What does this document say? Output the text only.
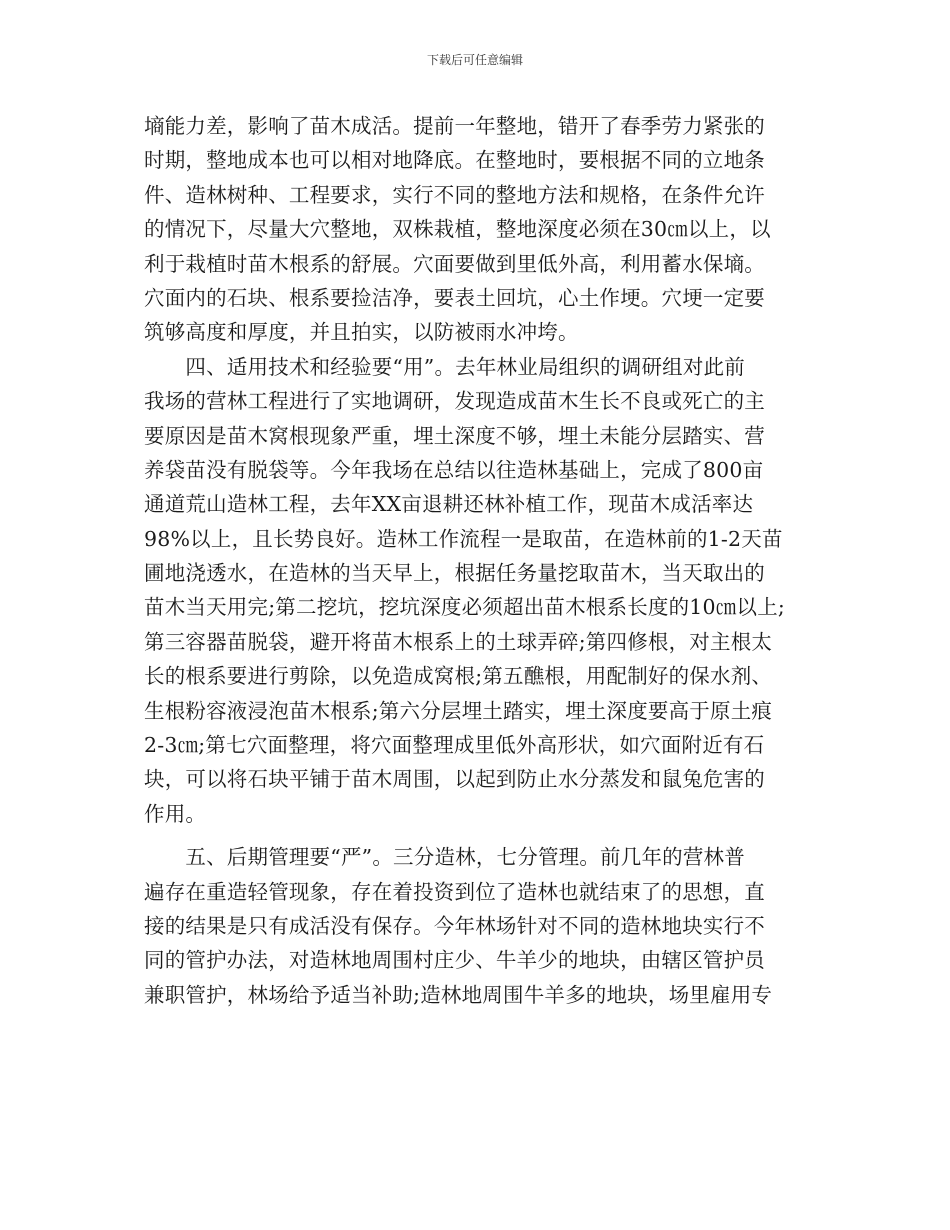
下载后可任意编辑
墒能力差，影响了苗木成活。提前一年整地，错开了春季劳力紧张的
时期，整地成本也可以相对地降底。在整地时，要根据不同的立地条
件、造林树种、工程要求，实行不同的整地方法和规格，在条件允许
的情况下，尽量大穴整地，双株栽植，整地深度必须在30㎝以上，以
利于栽植时苗木根系的舒展。穴面要做到里低外高，利用蓄水保墒。
穴面内的石块、根系要捡洁净，要表土回坑，心土作埂。穴埂一定要
筑够高度和厚度，并且拍实，以防被雨水冲垮。
　　四、适用技术和经验要“用”。去年林业局组织的调研组对此前
我场的营林工程进行了实地调研，发现造成苗木生长不良或死亡的主
要原因是苗木窝根现象严重，埋土深度不够，埋土未能分层踏实、营
养袋苗没有脱袋等。今年我场在总结以往造林基础上，完成了800亩
通道荒山造林工程，去年XX亩退耕还林补植工作，现苗木成活率达
98%以上，且长势良好。造林工作流程一是取苗，在造林前的1-2天苗
圃地浇透水，在造林的当天早上，根据任务量挖取苗木，当天取出的
苗木当天用完;第二挖坑，挖坑深度必须超出苗木根系长度的10㎝以上;
第三容器苗脱袋，避开将苗木根系上的土球弄碎;第四修根，对主根太
长的根系要进行剪除，以免造成窝根;第五醮根，用配制好的保水剂、
生根粉容液浸泡苗木根系;第六分层埋土踏实，埋土深度要高于原土痕
2-3㎝;第七穴面整理，将穴面整理成里低外高形状，如穴面附近有石
块，可以将石块平铺于苗木周围，以起到防止水分蒸发和鼠兔危害的
作用。
　　五、后期管理要“严”。三分造林，七分管理。前几年的营林普
遍存在重造轻管现象，存在着投资到位了造林也就结束了的思想，直
接的结果是只有成活没有保存。今年林场针对不同的造林地块实行不
同的管护办法，对造林地周围村庄少、牛羊少的地块，由辖区管护员
兼职管护，林场给予适当补助;造林地周围牛羊多的地块，场里雇用专
